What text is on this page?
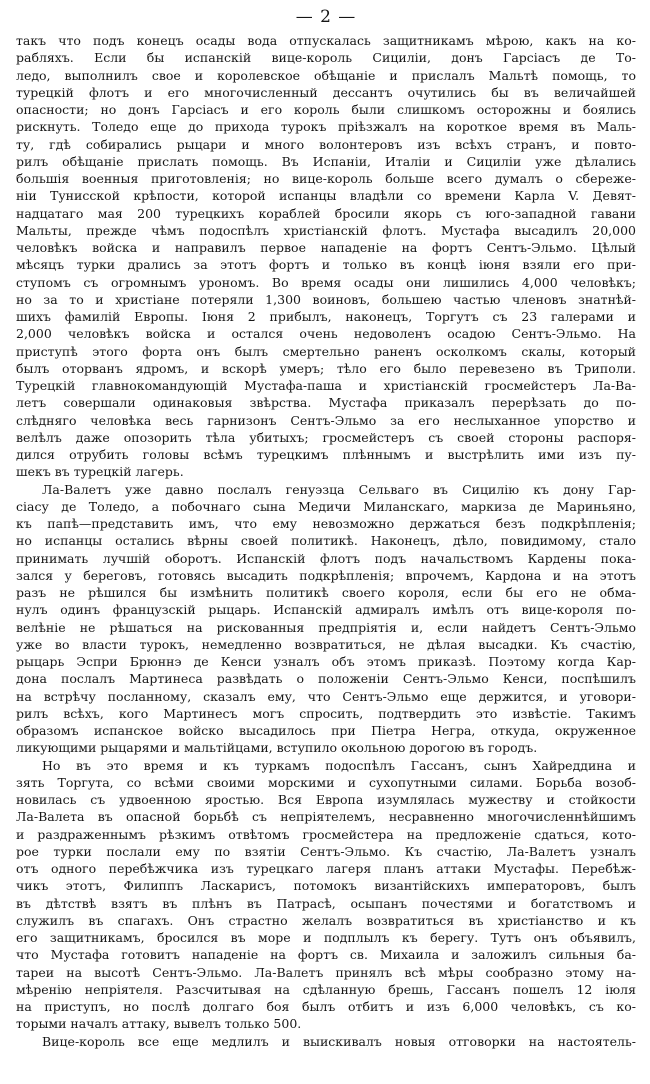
— 2 —
такъ что подъ конецъ осады вода отпускалась защитникамъ мѣрою, какъ на ко-
рабляхъ. Если бы испанскій вице-король Сициліи, донъ Гарсіасъ де То-
ледо, выполнилъ свое и королевское обѣщаніе и прислалъ Мальтѣ помощь, то
турецкій флотъ и его многочисленный дессантъ очутились бы въ величайшей
опасности; но донъ Гарсіасъ и его король были слишкомъ осторожны и боялись
рискнуть. Толедо еще до прихода турокъ пріѣзжалъ на короткое время въ Маль-
ту, гдѣ собирались рыцари и много волонтеровъ изъ всѣхъ странъ, и повто-
рилъ обѣщаніе прислать помощь. Въ Испаніи, Италіи и Сициліи уже дѣлались
большія военныя приготовленія; но вице-король больше всего думалъ о сбереже-
ніи Тунисской крѣпости, которой испанцы владѣли со времени Карла V. Девят-
надцатаго мая 200 турецкихъ кораблей бросили якорь съ юго-западной гавани
Мальты, прежде чѣмъ подоспѣлъ христіанскій флотъ. Мустафа высадилъ 20,000
человѣкъ войска и направилъ первое нападеніе на фортъ Сентъ-Эльмо. Цѣлый
мѣсяцъ турки дрались за этотъ фортъ и только въ концѣ іюня взяли его при-
ступомъ съ огромнымъ урономъ. Во время осады они лишились 4,000 человѣкъ;
но за то и христіане потеряли 1,300 воиновъ, большею частью членовъ знатнѣй-
шихъ фамилій Европы. Іюня 2 прибылъ, наконецъ, Торгутъ съ 23 галерами и
2,000 человѣкъ войска и остался очень недоволенъ осадою Сентъ-Эльмо. На
приступѣ этого форта онъ былъ смертельно раненъ осколкомъ скалы, который
былъ оторванъ ядромъ, и вскорѣ умеръ; тѣло его было перевезено въ Триполи.
Турецкій главнокомандующій Мустафа-паша и христіанскій гросмейстеръ Ла-Ва-
летъ совершали одинаковыя звѣрства. Мустафа приказалъ перерѣзать до по-
слѣдняго человѣка весь гарнизонъ Сентъ-Эльмо за его неслыханное упорство и
велѣлъ даже опозорить тѣла убитыхъ; гросмейстеръ съ своей стороны распоря-
дился отрубить головы всѣмъ турецкимъ плѣннымъ и выстрѣлить ими изъ пу-
шекъ въ турецкій лагерь.
Ла-Валетъ уже давно послалъ генуэзца Сельваго въ Сицилію къ дону Гар-
сіасу де Толедо, а побочнаго сына Медичи Миланскаго, маркиза де Мариньяно,
къ папѣ—представить имъ, что ему невозможно держаться безъ подкрѣпленія;
но испанцы остались вѣрны своей политикѣ. Наконецъ, дѣло, повидимому, стало
принимать лучшій оборотъ. Испанскій флотъ подъ начальствомъ Кардены пока-
зался у береговъ, готовясь высадить подкрѣпленія; впрочемъ, Кардона и на этотъ
разъ не рѣшился бы измѣнить политикѣ своего короля, если бы его не обма-
нулъ одинъ французскій рыцарь. Испанскій адмиралъ имѣлъ отъ вице-короля по-
велѣніе не рѣшаться на рискованныя предпріятія и, если найдетъ Сентъ-Эльмо
уже во власти турокъ, немедленно возвратиться, не дѣлая высадки. Къ счастію,
рыцарь Эспри Брюннэ де Кенси узналъ объ этомъ приказѣ. Поэтому когда Кар-
дона послалъ Мартинеса развѣдать о положеніи Сентъ-Эльмо Кенси, поспѣшилъ
на встрѣчу посланному, сказалъ ему, что Сентъ-Эльмо еще держится, и уговори-
рилъ всѣхъ, кого Мартинесъ могъ спросить, подтвердить это извѣстіе. Такимъ
образомъ испанское войско высадилось при Піетра Негра, откуда, окруженное
ликующими рыцарями и мальтійцами, вступило окольною дорогою въ городъ.
Но въ это время и къ туркамъ подоспѣлъ Гассанъ, сынъ Хайреддина и
зять Торгута, со всѣми своими морскими и сухопутными силами. Борьба возоб-
новилась съ удвоенною яростью. Вся Европа изумлялась мужеству и стойкости
Ла-Валета въ опасной борьбѣ съ непріятелемъ, несравненно многочисленнѣйшимъ
и раздраженнымъ рѣзкимъ отвѣтомъ гросмейстера на предложеніе сдаться, кото-
рое турки послали ему по взятіи Сентъ-Эльмо. Къ счастію, Ла-Валетъ узналъ
отъ одного перебѣжчика изъ турецкаго лагеря планъ аттаки Мустафы. Перебѣж-
чикъ этотъ, Филиппъ Ласкарисъ, потомокъ византійскихъ императоровъ, былъ
въ дѣтствѣ взятъ въ плѣнъ въ Патрасѣ, осыпанъ почестями и богатствомъ и
служилъ въ спагахъ. Онъ страстно желалъ возвратиться въ христіанство и къ
его защитникамъ, бросился въ море и подплылъ къ берегу. Тутъ онъ объявилъ,
что Мустафа готовитъ нападеніе на фортъ св. Михаила и заложилъ сильныя ба-
тареи на высотѣ Сентъ-Эльмо. Ла-Валетъ принялъ всѣ мѣры сообразно этому на-
мѣренію непріятеля. Разсчитывая на сдѣланную брешь, Гассанъ пошелъ 12 іюля
на приступъ, но послѣ долгаго боя былъ отбитъ и изъ 6,000 человѣкъ, съ ко-
торыми началъ аттаку, вывелъ только 500.
Вице-король все еще медлилъ и выискивалъ новыя отговорки на настоятель-
